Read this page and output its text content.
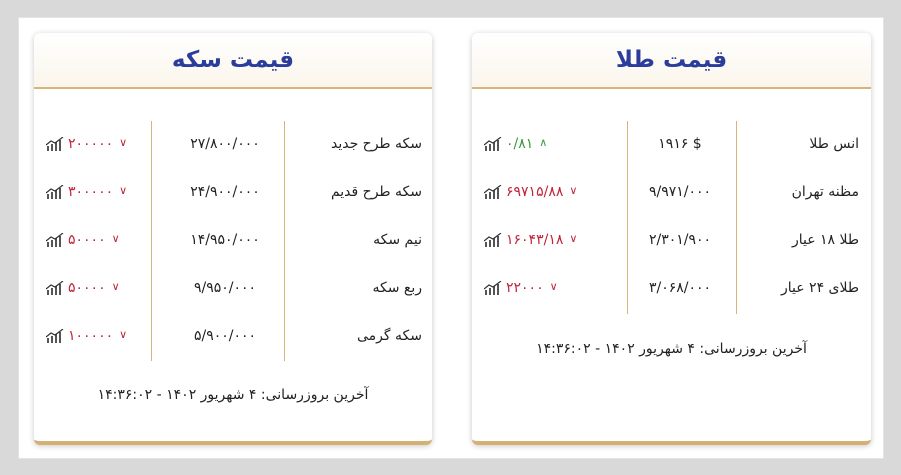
قیمت سکه
سکه طرح جدید
۲۷/۸۰۰/۰۰۰
۲۰۰۰۰۰ ∨
سکه طرح قدیم
۲۴/۹۰۰/۰۰۰
۳۰۰۰۰۰ ∨
نیم سکه
۱۴/۹۵۰/۰۰۰
۵۰۰۰۰ ∨
ربع سکه
۹/۹۵۰/۰۰۰
۵۰۰۰۰ ∨
سکه گرمی
۵/۹۰۰/۰۰۰
۱۰۰۰۰۰ ∨
آخرین بروزرسانی: ۴ شهریور ۱۴۰۲ - ۱۴:۳۶:۰۲
قیمت طلا
انس طلا
۱۹۱۶ $
۰/۸۱ ∧
مظنه تهران
۹/۹۷۱/۰۰۰
۶۹۷۱۵/۸۸ ∨
طلا ۱۸ عیار
۲/۳۰۱/۹۰۰
۱۶۰۴۳/۱۸ ∨
طلای ۲۴ عیار
۳/۰۶۸/۰۰۰
۲۲۰۰۰ ∨
آخرین بروزرسانی: ۴ شهریور ۱۴۰۲ - ۱۴:۳۶:۰۲
